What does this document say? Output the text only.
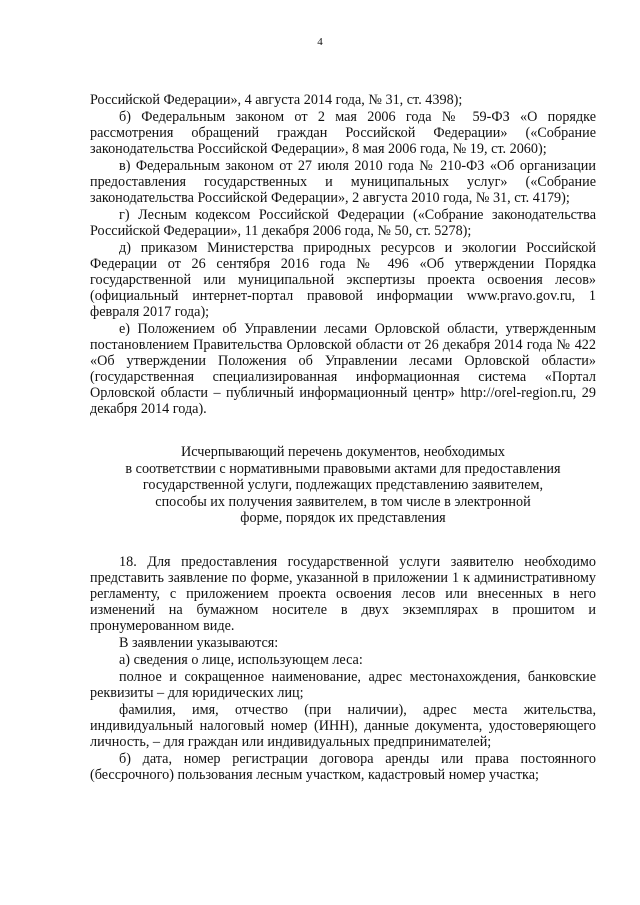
4

Российской Федерации», 4 августа 2014 года, № 31, ст. 4398);

б) Федеральным законом от 2 мая 2006 года № 59-ФЗ «О порядке рассмотрения обращений граждан Российской Федерации» («Собрание законодательства Российской Федерации», 8 мая 2006 года, № 19, ст. 2060);

в) Федеральным законом от 27 июля 2010 года № 210-ФЗ «Об организации предоставления государственных и муниципальных услуг» («Собрание законодательства Российской Федерации», 2 августа 2010 года, № 31, ст. 4179);

г) Лесным кодексом Российской Федерации («Собрание законодательства Российской Федерации», 11 декабря 2006 года, № 50, ст. 5278);

д) приказом Министерства природных ресурсов и экологии Российской Федерации от 26 сентября 2016 года № 496 «Об утверждении Порядка государственной или муниципальной экспертизы проекта освоения лесов» (официальный интернет-портал правовой информации www.pravo.gov.ru, 1 февраля 2017 года);

е) Положением об Управлении лесами Орловской области, утвержденным постановлением Правительства Орловской области от 26 декабря 2014 года № 422 «Об утверждении Положения об Управлении лесами Орловской области» (государственная специализированная информационная система «Портал Орловской области – публичный информационный центр» http://orel-region.ru, 29 декабря 2014 года).

Исчерпывающий перечень документов, необходимых
в соответствии с нормативными правовыми актами для предоставления
государственной услуги, подлежащих представлению заявителем,
способы их получения заявителем, в том числе в электронной
форме, порядок их представления

18. Для предоставления государственной услуги заявителю необходимо представить заявление по форме, указанной в приложении 1 к административному регламенту, с приложением проекта освоения лесов или внесенных в него изменений на бумажном носителе в двух экземплярах в прошитом и пронумерованном виде.

В заявлении указываются:

а) сведения о лице, использующем леса:

полное и сокращенное наименование, адрес местонахождения, банковские реквизиты – для юридических лиц;

фамилия, имя, отчество (при наличии), адрес места жительства, индивидуальный налоговый номер (ИНН), данные документа, удостоверяющего личность, – для граждан или индивидуальных предпринимателей;

б) дата, номер регистрации договора аренды или права постоянного (бессрочного) пользования лесным участком, кадастровый номер участка;
